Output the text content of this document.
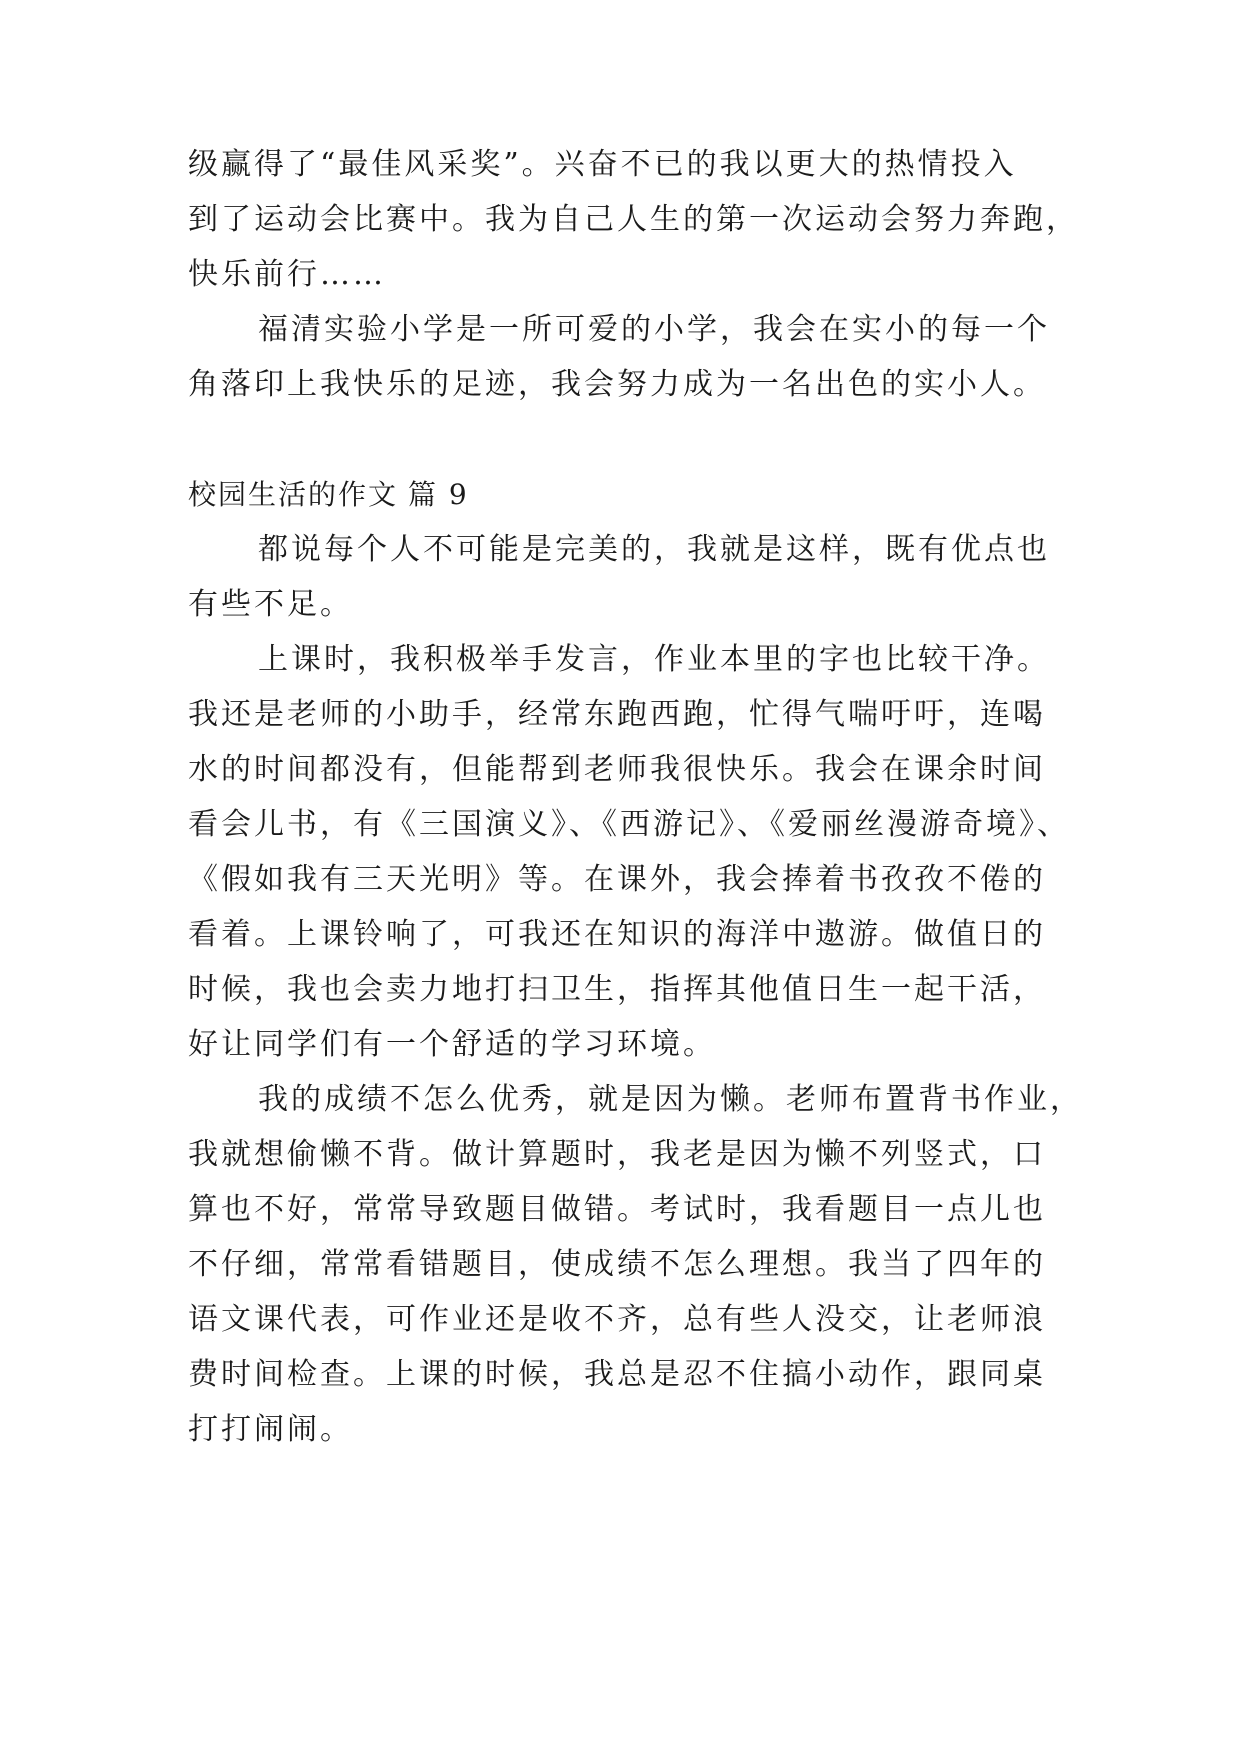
级赢得了“最佳风采奖”。兴奋不已的我以更大的热情投入
到了运动会比赛中。我为自己人生的第一次运动会努力奔跑，
快乐前行……
福清实验小学是一所可爱的小学，我会在实小的每一个
角落印上我快乐的足迹，我会努力成为一名出色的实小人。
校园生活的作文 篇 9
都说每个人不可能是完美的，我就是这样，既有优点也
有些不足。
上课时，我积极举手发言，作业本里的字也比较干净。
我还是老师的小助手，经常东跑西跑，忙得气喘吁吁，连喝
水的时间都没有，但能帮到老师我很快乐。我会在课余时间
看会儿书，有《三国演义》、《西游记》、《爱丽丝漫游奇境》、
《假如我有三天光明》等。在课外，我会捧着书孜孜不倦的
看着。上课铃响了，可我还在知识的海洋中遨游。做值日的
时候，我也会卖力地打扫卫生，指挥其他值日生一起干活，
好让同学们有一个舒适的学习环境。
我的成绩不怎么优秀，就是因为懒。老师布置背书作业，
我就想偷懒不背。做计算题时，我老是因为懒不列竖式，口
算也不好，常常导致题目做错。考试时，我看题目一点儿也
不仔细，常常看错题目，使成绩不怎么理想。我当了四年的
语文课代表，可作业还是收不齐，总有些人没交，让老师浪
费时间检查。上课的时候，我总是忍不住搞小动作，跟同桌
打打闹闹。
